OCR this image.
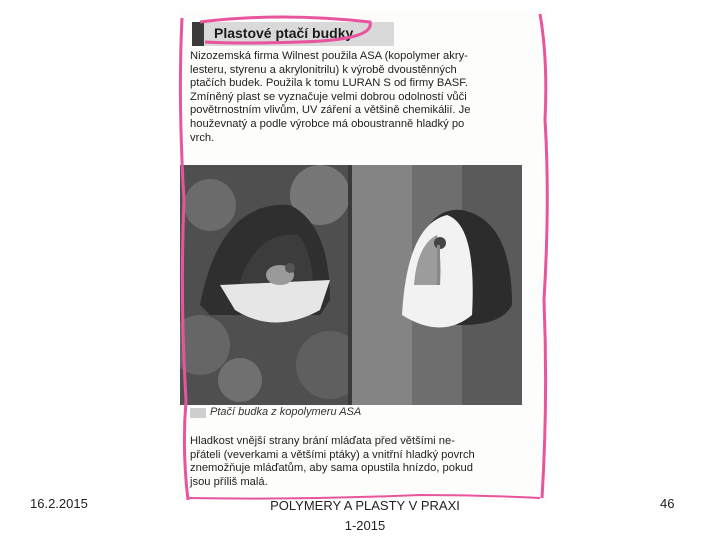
Plastové ptačí budky

Nizozemská firma Wilnest použila ASA (kopolymer akry-

lesteru, styrenu a akrylonitrilu) k výrobě dvoustěnných

ptačích budek. Použila k tomu LURAN S od firmy BASF.

Zmíněný plast se vyznačuje velmi dobrou odolností vůči

povětrnostním vlivům, UV záření a většině chemikálií. Je

houževnatý a podle výrobce má oboustranně hladký po

vrch.

Ptačí budka z kopolymeru ASA

Hladkost vnější strany brání mláďata před většími ne-

přáteli (veverkami a většími ptáky) a vnitřní hladký povrch

znemožňuje mláďatům, aby sama opustila hnízdo, pokud

jsou příliš malá.

16.2.2015	POLYMERY A PLASTY V PRAXI
1-2015
46
